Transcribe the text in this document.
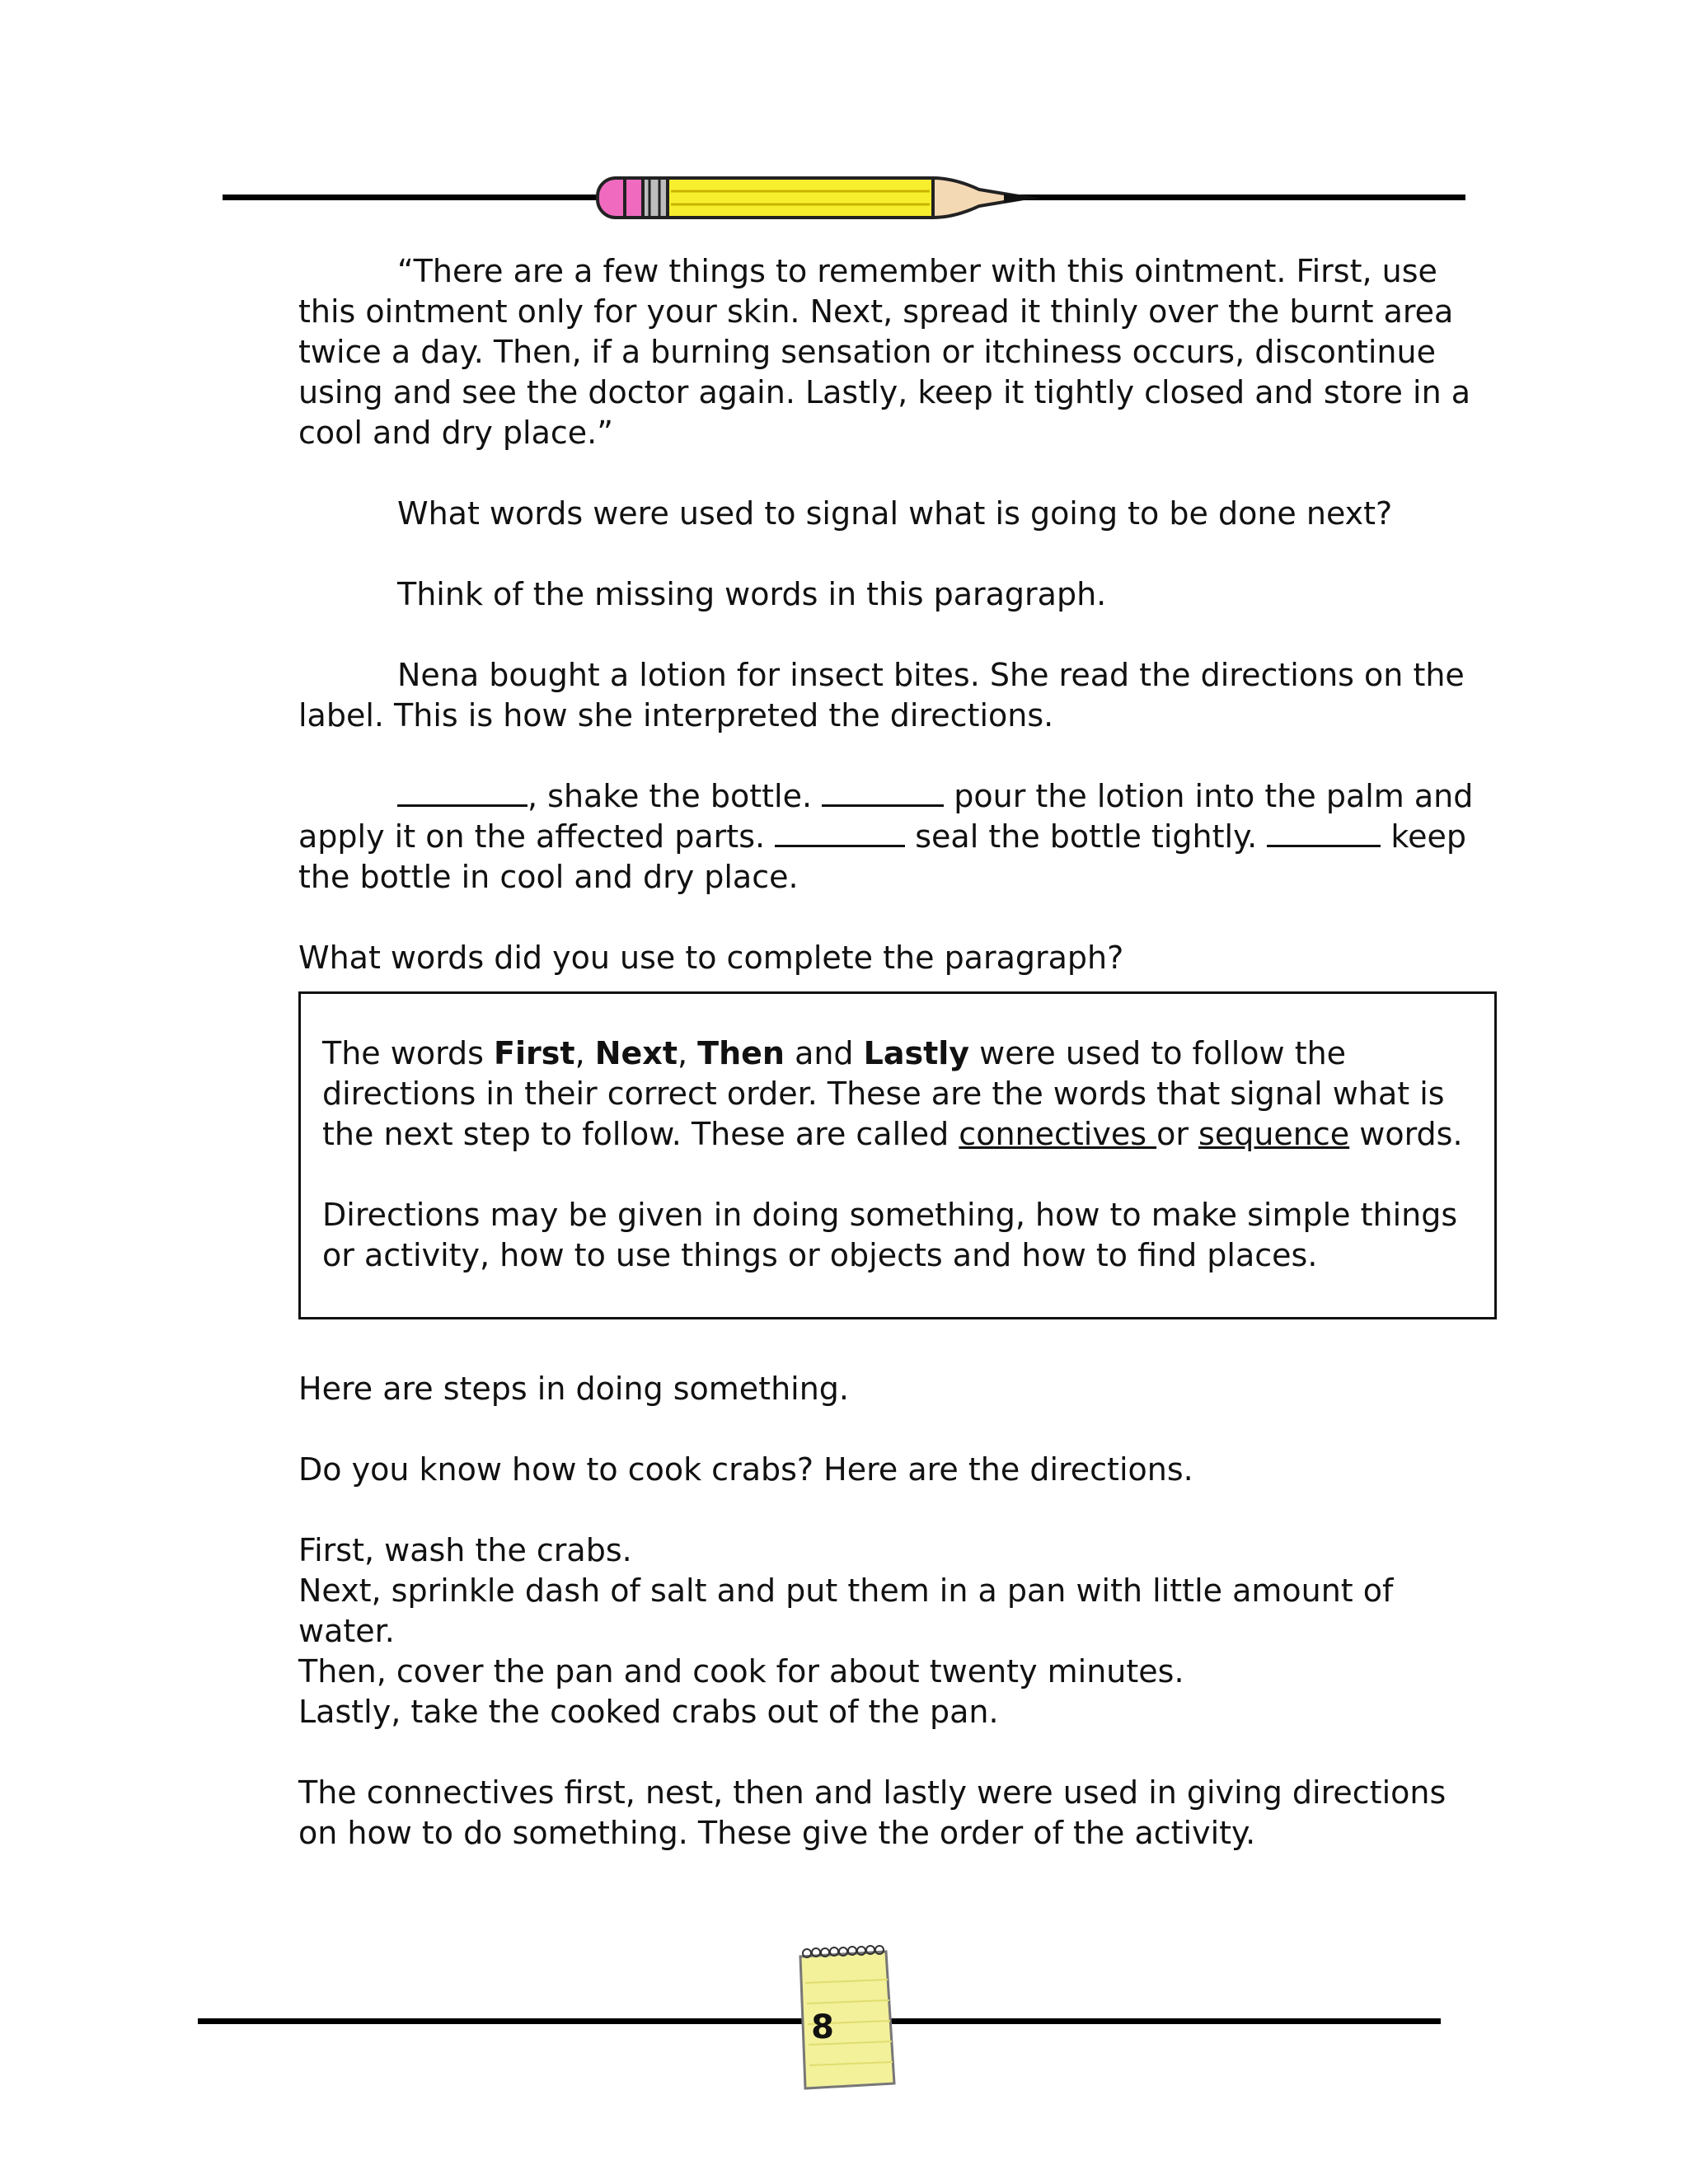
“There are a few things to remember with this ointment. First, use this ointment only for your skin. Next, spread it thinly over the burnt area twice a day. Then, if a burning sensation or itchiness occurs, discontinue using and see the doctor again. Lastly, keep it tightly closed and store in a cool and dry place.”

What words were used to signal what is going to be done next?

Think of the missing words in this paragraph.

Nena bought a lotion for insect bites. She read the directions on the label. This is how she interpreted the directions.

, shake the bottle.	pour the lotion into the palm and apply it on the affected parts.	seal the bottle tightly.	keep the bottle in cool and dry place.

What words did you use to complete the paragraph?

The words First, Next, Then and Lastly were used to follow the directions in their correct order. These are the words that signal what is the next step to follow. These are called connectives or sequence words.

Directions may be given in doing something, how to make simple things or activity, how to use things or objects and how to find places.

Here are steps in doing something.

Do you know how to cook crabs? Here are the directions.

First, wash the crabs.

Next, sprinkle dash of salt and put them in a pan with little amount of water.

Then, cover the pan and cook for about twenty minutes.

Lastly, take the cooked crabs out of the pan.

The connectives first, nest, then and lastly were used in giving directions on how to do something. These give the order of the activity.

8
